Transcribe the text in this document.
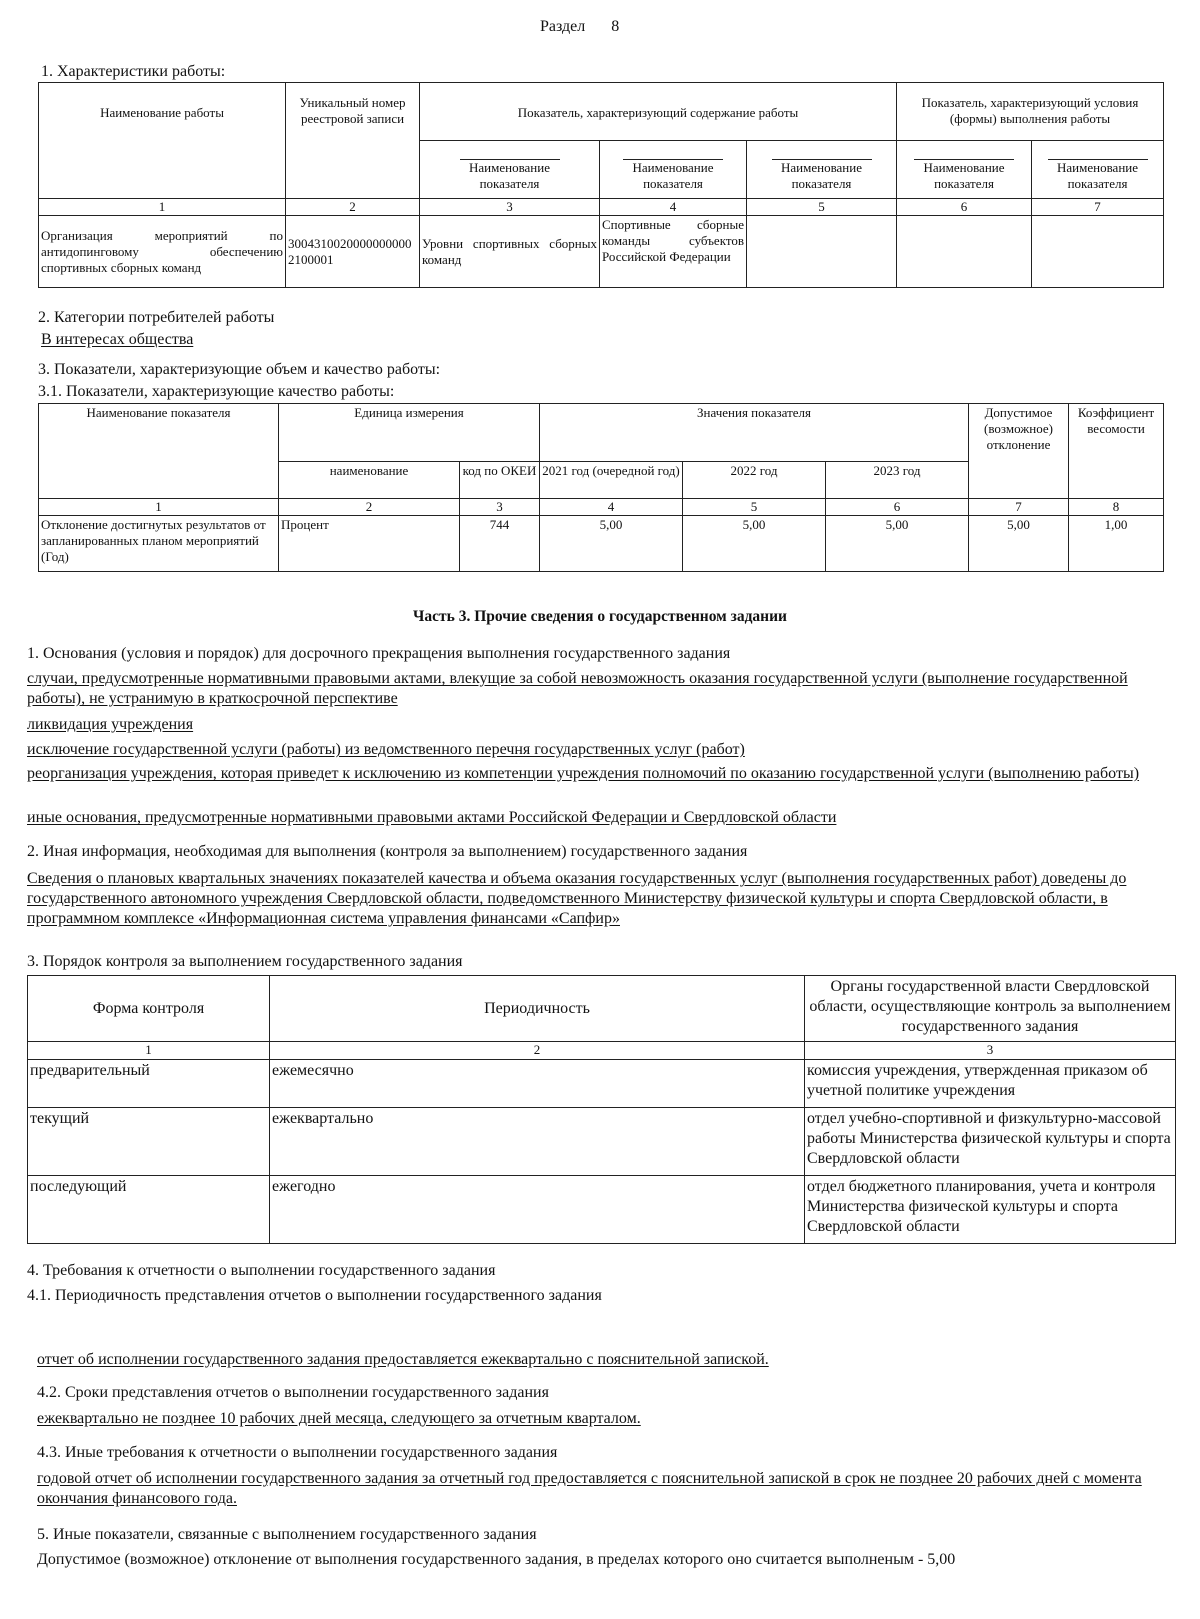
Раздел 8
1. Характеристики работы:
Наименование работы	Уникальный номер реестровой записи	Показатель, характеризующий содержание работы			Показатель, характеризующий условия (формы) выполнения работы	
		Наименование показателя	Наименование показателя	Наименование показателя	Наименование показателя	Наименование показателя
1	2	3	4	5	6	7
Организация мероприятий по антидопинговому обеспечению спортивных сборных команд	30043100200000000002100001	Уровни спортивных сборных команд	Спортивные сборные команды субъектов Российской Федерации			
2. Категории потребителей работы
В интересах общества
3. Показатели, характеризующие объем и качество работы:
3.1. Показатели, характеризующие качество работы:
Наименование показателя	Единица измерения		Значения показателя			Допустимое (возможное) отклонение	Коэффициент весомости
	наименование	код по ОКЕИ	2021 год (очередной год)	2022 год	2023 год		
1	2	3	4	5	6	7	8
Отклонение достигнутых результатов от запланированных планом мероприятий (Год)	Процент	744	5,00	5,00	5,00	5,00	1,00
Часть 3. Прочие сведения о государственном задании
1. Основания (условия и порядок) для досрочного прекращения выполнения государственного задания
случаи, предусмотренные нормативными правовыми актами, влекущие за собой невозможность оказания государственной услуги (выполнение государственной работы), не устранимую в краткосрочной перспективе
ликвидация учреждения
исключение государственной услуги (работы) из ведомственного перечня государственных услуг (работ)
реорганизация учреждения, которая приведет к исключению из компетенции учреждения полномочий по оказанию государственной услуги (выполнению работы)
иные основания, предусмотренные нормативными правовыми актами Российской Федерации и Свердловской области
2. Иная информация, необходимая для выполнения (контроля за выполнением) государственного задания
Сведения о плановых квартальных значениях показателей качества и объема оказания государственных услуг (выполнения государственных работ) доведены до государственного автономного учреждения Свердловской области, подведомственного Министерству физической культуры и спорта Свердловской области, в программном комплексе «Информационная система управления финансами «Сапфир»
3. Порядок контроля за выполнением государственного задания
Форма контроля	Периодичность	Органы государственной власти Свердловской области, осуществляющие контроль за выполнением государственного задания
1	2	3
предварительный	ежемесячно	комиссия учреждения, утвержденная приказом об учетной политике учреждения
текущий	ежеквартально	отдел учебно-спортивной и физкультурно-массовой работы Министерства физической культуры и спорта Свердловской области
последующий	ежегодно	отдел бюджетного планирования, учета и контроля Министерства физической культуры и спорта Свердловской области
4. Требования к отчетности о выполнении государственного задания
4.1. Периодичность представления отчетов о выполнении государственного задания
отчет об исполнении государственного задания предоставляется ежеквартально с пояснительной запиской.
4.2. Сроки представления отчетов о выполнении государственного задания
ежеквартально не позднее 10 рабочих дней месяца, следующего за отчетным кварталом.
4.3. Иные требования к отчетности о выполнении государственного задания
годовой отчет об исполнении государственного задания за отчетный год предоставляется с пояснительной запиской в срок не позднее 20 рабочих дней с момента окончания финансового года.
5. Иные показатели, связанные с выполнением государственного задания
Допустимое (возможное) отклонение от выполнения государственного задания, в пределах которого оно считается выполненым - 5,00
